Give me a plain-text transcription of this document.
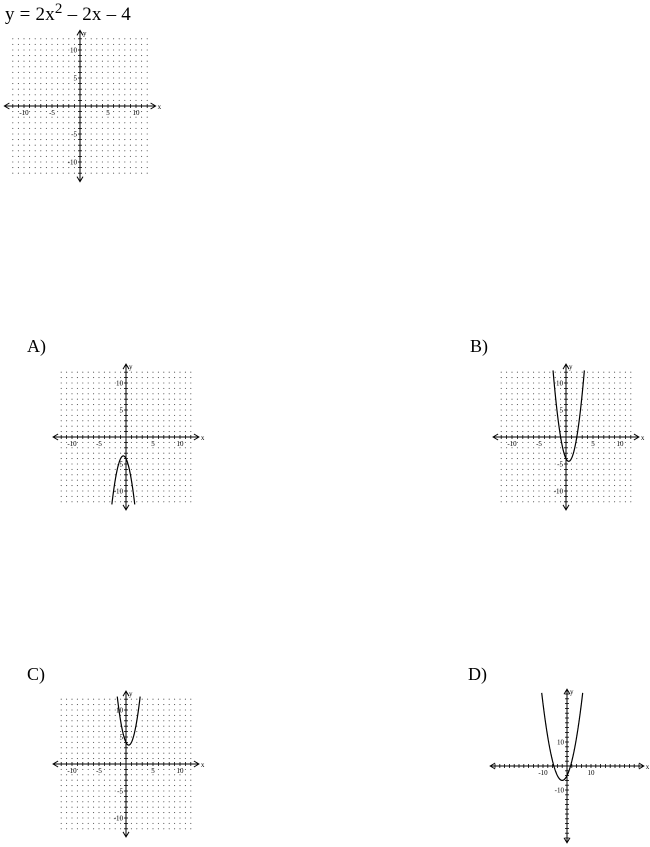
$y = 2x^2 - 2x - 4$
-10	-5	5	10
10
5
-5
-10
x
y
A)
-10	-5	5	10
10
5
-5
-10
x
y
B)
-10	-5	5	10
10
5
-5
-10
x
y
C)
-10	-5	5	10
10
5
-5
-10
x
y
D)
-10	10
10
-10
x
y
